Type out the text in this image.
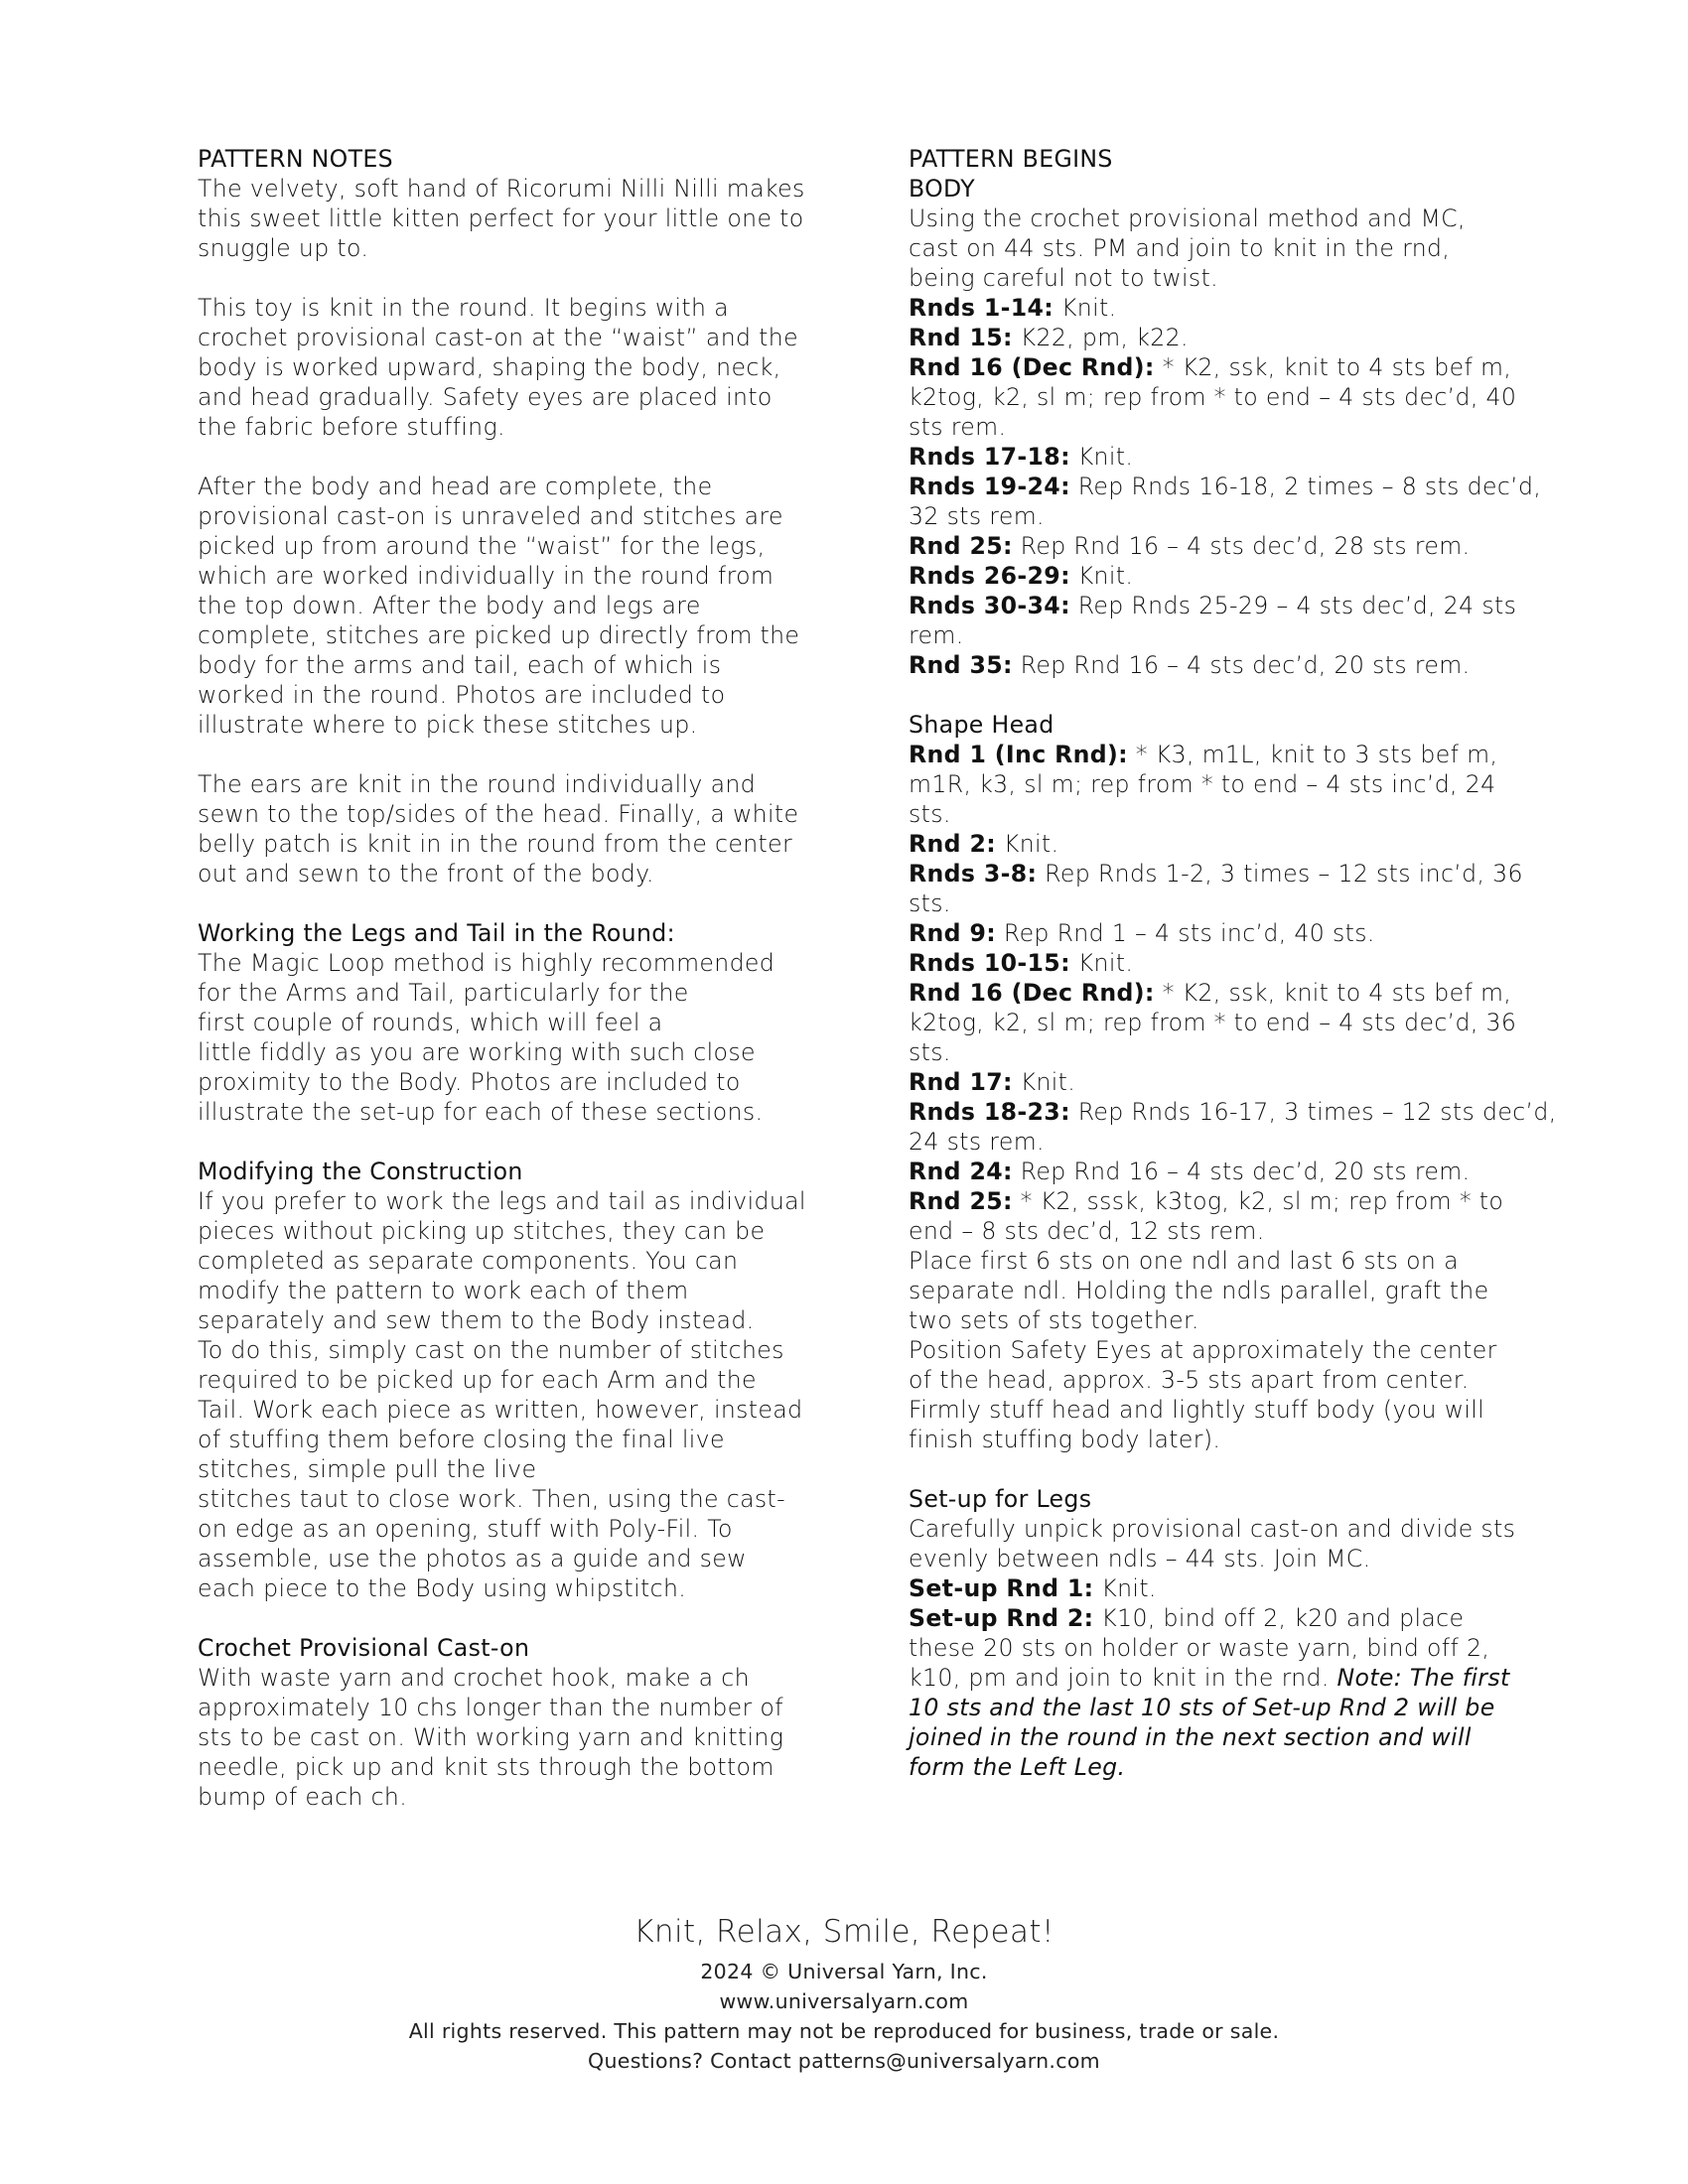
PATTERN NOTES
The velvety, soft hand of Ricorumi Nilli Nilli makes
this sweet little kitten perfect for your little one to
snuggle up to.
This toy is knit in the round. It begins with a
crochet provisional cast-on at the “waist” and the
body is worked upward, shaping the body, neck,
and head gradually. Safety eyes are placed into
the fabric before stuffing.
After the body and head are complete, the
provisional cast-on is unraveled and stitches are
picked up from around the “waist” for the legs,
which are worked individually in the round from
the top down. After the body and legs are
complete, stitches are picked up directly from the
body for the arms and tail, each of which is
worked in the round. Photos are included to
illustrate where to pick these stitches up.
The ears are knit in the round individually and
sewn to the top/sides of the head. Finally, a white
belly patch is knit in in the round from the center
out and sewn to the front of the body.
Working the Legs and Tail in the Round:
The Magic Loop method is highly recommended
for the Arms and Tail, particularly for the
first couple of rounds, which will feel a
little fiddly as you are working with such close
proximity to the Body. Photos are included to
illustrate the set-up for each of these sections.
Modifying the Construction
If you prefer to work the legs and tail as individual
pieces without picking up stitches, they can be
completed as separate components. You can
modify the pattern to work each of them
separately and sew them to the Body instead.
To do this, simply cast on the number of stitches
required to be picked up for each Arm and the
Tail. Work each piece as written, however, instead
of stuffing them before closing the final live
stitches, simple pull the live
stitches taut to close work. Then, using the cast-
on edge as an opening, stuff with Poly-Fil. To
assemble, use the photos as a guide and sew
each piece to the Body using whipstitch.
Crochet Provisional Cast-on
With waste yarn and crochet hook, make a ch
approximately 10 chs longer than the number of
sts to be cast on. With working yarn and knitting
needle, pick up and knit sts through the bottom
bump of each ch.
PATTERN BEGINS
BODY
Using the crochet provisional method and MC,
cast on 44 sts. PM and join to knit in the rnd,
being careful not to twist.
Rnds 1-14: Knit.
Rnd 15: K22, pm, k22.
Rnd 16 (Dec Rnd): * K2, ssk, knit to 4 sts bef m,
k2tog, k2, sl m; rep from * to end – 4 sts dec’d, 40
sts rem.
Rnds 17-18: Knit.
Rnds 19-24: Rep Rnds 16-18, 2 times – 8 sts dec’d,
32 sts rem.
Rnd 25: Rep Rnd 16 – 4 sts dec’d, 28 sts rem.
Rnds 26-29: Knit.
Rnds 30-34: Rep Rnds 25-29 – 4 sts dec’d, 24 sts
rem.
Rnd 35: Rep Rnd 16 – 4 sts dec’d, 20 sts rem.
Shape Head
Rnd 1 (Inc Rnd): * K3, m1L, knit to 3 sts bef m,
m1R, k3, sl m; rep from * to end – 4 sts inc’d, 24
sts.
Rnd 2: Knit.
Rnds 3-8: Rep Rnds 1-2, 3 times – 12 sts inc’d, 36
sts.
Rnd 9: Rep Rnd 1 – 4 sts inc’d, 40 sts.
Rnds 10-15: Knit.
Rnd 16 (Dec Rnd): * K2, ssk, knit to 4 sts bef m,
k2tog, k2, sl m; rep from * to end – 4 sts dec’d, 36
sts.
Rnd 17: Knit.
Rnds 18-23: Rep Rnds 16-17, 3 times – 12 sts dec’d,
24 sts rem.
Rnd 24: Rep Rnd 16 – 4 sts dec’d, 20 sts rem.
Rnd 25: * K2, sssk, k3tog, k2, sl m; rep from * to
end – 8 sts dec’d, 12 sts rem.
Place first 6 sts on one ndl and last 6 sts on a
separate ndl. Holding the ndls parallel, graft the
two sets of sts together.
Position Safety Eyes at approximately the center
of the head, approx. 3-5 sts apart from center.
Firmly stuff head and lightly stuff body (you will
finish stuffing body later).
Set-up for Legs
Carefully unpick provisional cast-on and divide sts
evenly between ndls – 44 sts. Join MC.
Set-up Rnd 1: Knit.
Set-up Rnd 2: K10, bind off 2, k20 and place
these 20 sts on holder or waste yarn, bind off 2,
k10, pm and join to knit in the rnd. Note: The first
10 sts and the last 10 sts of Set-up Rnd 2 will be
joined in the round in the next section and will
form the Left Leg.
Knit, Relax, Smile, Repeat!
2024 © Universal Yarn, Inc.
www.universalyarn.com
All rights reserved. This pattern may not be reproduced for business, trade or sale.
Questions? Contact patterns@universalyarn.com
